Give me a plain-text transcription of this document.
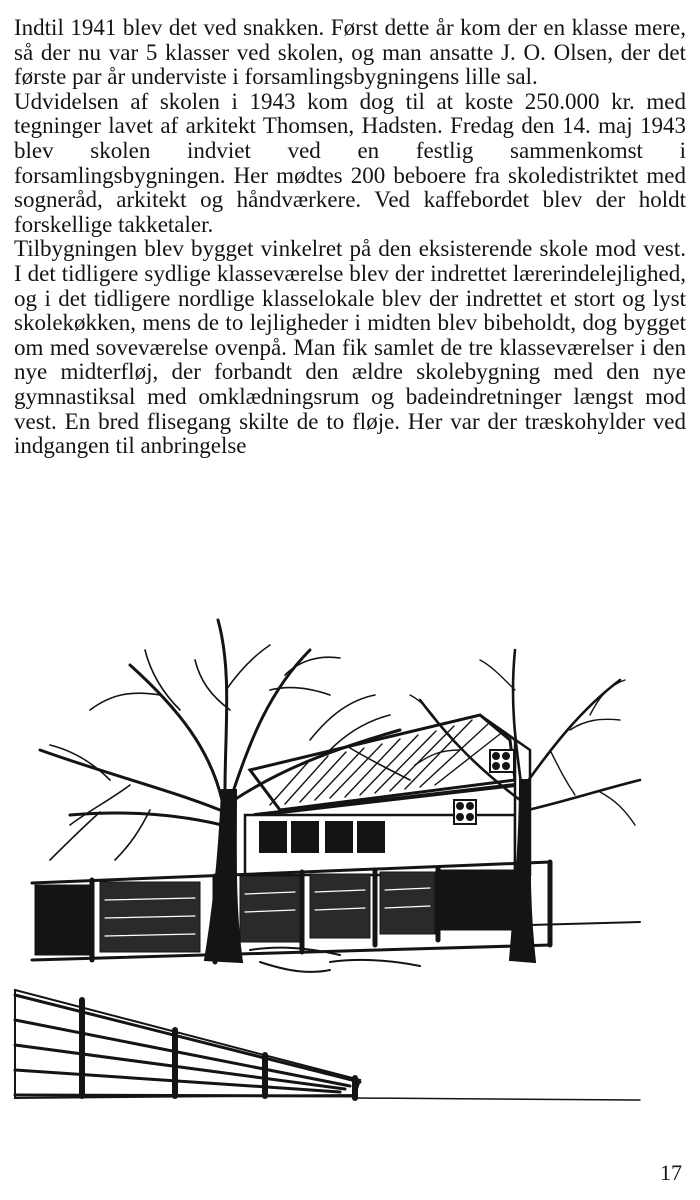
Indtil 1941 blev det ved snakken. Først dette år kom der en klasse mere, så der nu var 5 klasser ved skolen, og man ansatte J. O. Olsen, der det første par år underviste i forsamlingsbygningens lille sal.

Udvidelsen af skolen i 1943 kom dog til at koste 250.000 kr. med tegninger lavet af arkitekt Thomsen, Hadsten. Fredag den 14. maj 1943 blev skolen indviet ved en festlig sammenkomst i forsamlingsbygningen. Her mødtes 200 beboere fra skoledistriktet med sogneråd, arkitekt og håndværkere. Ved kaffebordet blev der holdt forskellige takketaler.

Tilbygningen blev bygget vinkelret på den eksisterende skole mod vest. I det tidligere sydlige klasseværelse blev der indrettet lærerindelejlighed, og i det tidligere nordlige klasselokale blev der indrettet et stort og lyst skolekøkken, mens de to lejligheder i midten blev bibeholdt, dog bygget om med soveværelse ovenpå. Man fik samlet de tre klasseværelser i den nye midterfløj, der forbandt den ældre skolebygning med den nye gymnastiksal med omklædningsrum og badeindretninger længst mod vest. En bred flisegang skilte de to fløje. Her var der træskohylder ved indgangen til anbringelse

17
